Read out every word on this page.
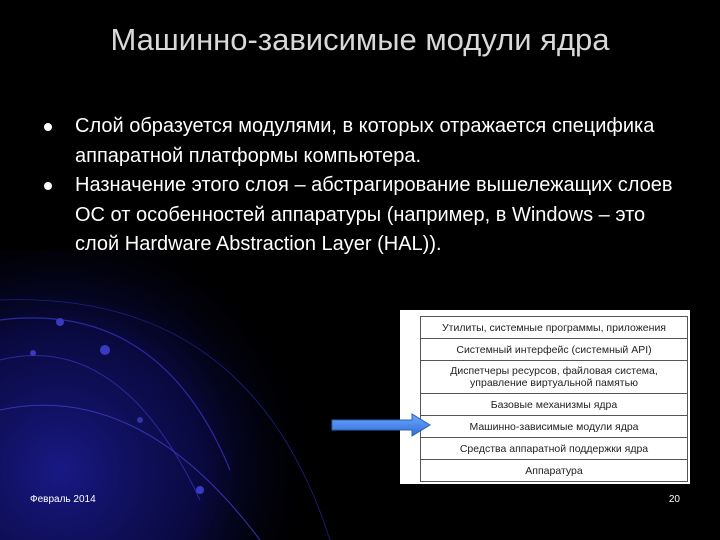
Машинно-зависимые модули ядра
Слой образуется модулями, в которых отражается специфика аппаратной платформы компьютера.
Назначение этого слоя – абстрагирование вышележащих слоев ОС от особенностей аппаратуры (например, в Windows – это слой Hardware Abstraction Layer (HAL)).
Утилиты, системные программы, приложения
Системный интерфейс (системный API)
Диспетчеры ресурсов, файловая система,
управление виртуальной памятью
Базовые механизмы ядра
Машинно-зависимые модули ядра
Средства аппаратной поддержки ядра
Аппаратура
Февраль 2014	20
